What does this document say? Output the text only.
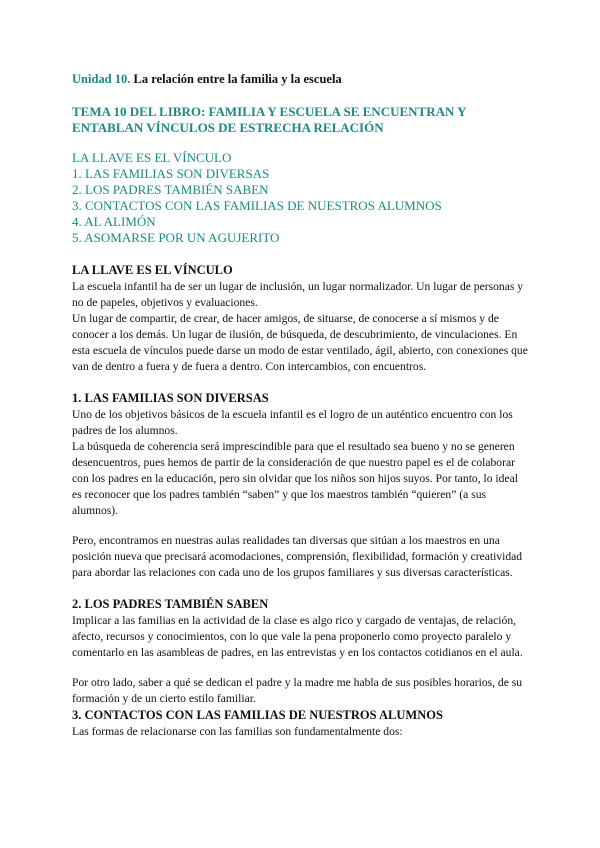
Unidad 10. La relación entre la familia y la escuela
TEMA 10 DEL LIBRO: FAMILIA Y ESCUELA SE ENCUENTRAN Y ENTABLAN VÍNCULOS DE ESTRECHA RELACIÓN
LA LLAVE ES EL VÍNCULO
1. LAS FAMILIAS SON DIVERSAS
2. LOS PADRES TAMBIÉN SABEN
3. CONTACTOS CON LAS FAMILIAS DE NUESTROS ALUMNOS
4. AL ALIMÓN
5. ASOMARSE POR UN AGUJERITO
LA LLAVE ES EL VÍNCULO

La escuela infantil ha de ser un lugar de inclusión, un lugar normalizador. Un lugar de personas y no de papeles, objetivos y evaluaciones.

Un lugar de compartir, de crear, de hacer amigos, de situarse, de conocerse a sí mismos y de conocer a los demás. Un lugar de ilusión, de búsqueda, de descubrimiento, de vinculaciones. En esta escuela de vínculos puede darse un modo de estar ventilado, ágil, abierto, con conexiones que van de dentro a fuera y de fuera a dentro. Con intercambios, con encuentros.

1. LAS FAMILIAS SON DIVERSAS

Uno de los objetivos básicos de la escuela infantil es el logro de un auténtico encuentro con los padres de los alumnos.

La búsqueda de coherencia será imprescindible para que el resultado sea bueno y no se generen desencuentros, pues hemos de partir de la consideración de que nuestro papel es el de colaborar con los padres en la educación, pero sin olvidar que los niños son hijos suyos. Por tanto, lo ideal es reconocer que los padres también “saben” y que los maestros también “quieren” (a sus alumnos).

Pero, encontramos en nuestras aulas realidades tan diversas que sitúan a los maestros en una posición nueva que precisará acomodaciones, comprensión, flexibilidad, formación y creatividad para abordar las relaciones con cada uno de los grupos familiares y sus diversas características.

2. LOS PADRES TAMBIÉN SABEN

Implicar a las familias en la actividad de la clase es algo rico y cargado de ventajas, de relación, afecto, recursos y conocimientos, con lo que vale la pena proponerlo como proyecto paralelo y comentarlo en las asambleas de padres, en las entrevistas y en los contactos cotidianos en el aula.

Por otro lado, saber a qué se dedican el padre y la madre me habla de sus posibles horarios, de su formación y de un cierto estilo familiar.

3. CONTACTOS CON LAS FAMILIAS DE NUESTROS ALUMNOS

Las formas de relacionarse con las familias son fundamentalmente dos:
